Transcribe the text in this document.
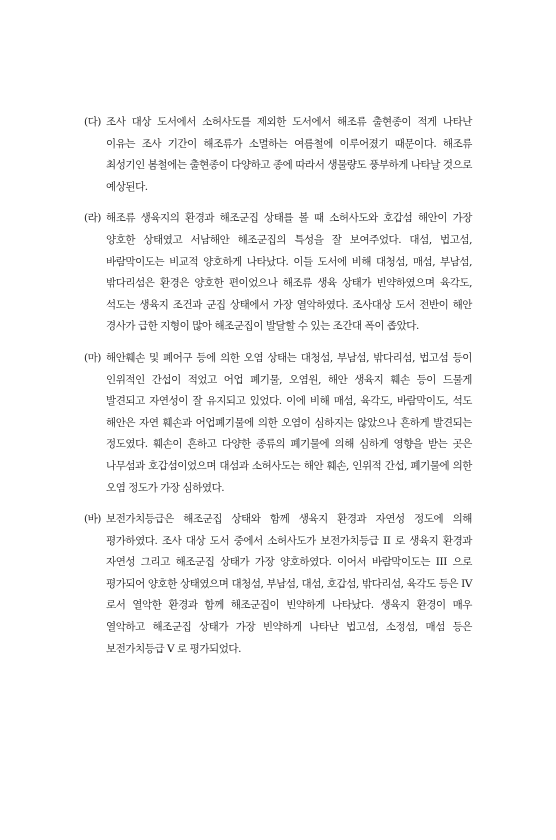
(다) 조사 대상 도서에서 소허사도를 제외한 도서에서 해조류 출현종이 적게 나타난 이유는 조사 기간이 해조류가 소멸하는 여름철에 이루어졌기 때문이다. 해조류 최성기인 봄철에는 출현종이 다양하고 종에 따라서 생물량도 풍부하게 나타날 것으로 예상된다.
(라) 해조류 생육지의 환경과 해조군집 상태를 볼 때 소허사도와 호갑섬 해안이 가장 양호한 상태였고 서남해안 해조군집의 특성을 잘 보여주었다. 대섬, 법고섬, 바람막이도는 비교적 양호하게 나타났다. 이들 도서에 비해 대청섬, 매섬, 부남섬, 밖다리섬은 환경은 양호한 편이었으나 해조류 생육 상태가 빈약하였으며 육각도, 석도는 생육지 조건과 군집 상태에서 가장 열악하였다. 조사대상 도서 전반이 해안 경사가 급한 지형이 많아 해조군집이 발달할 수 있는 조간대 폭이 좁았다.
(마) 해안훼손 및 폐어구 등에 의한 오염 상태는 대청섬, 부남섬, 밖다리섬, 법고섬 등이 인위적인 간섭이 적었고 어업 폐기물, 오염원, 해안 생육지 훼손 등이 드물게 발견되고 자연성이 잘 유지되고 있었다. 이에 비해 매섬, 육각도, 바람막이도, 석도 해안은 자연 훼손과 어업폐기물에 의한 오염이 심하지는 않았으나 흔하게 발견되는 정도였다. 훼손이 흔하고 다양한 종류의 폐기물에 의해 심하게 영향을 받는 곳은 나무섬과 호갑섬이었으며 대섬과 소허사도는 해안 훼손, 인위적 간섭, 폐기물에 의한 오염 정도가 가장 심하였다.
(바) 보전가치등급은 해조군집 상태와 함께 생육지 환경과 자연성 정도에 의해 평가하였다. 조사 대상 도서 중에서 소허사도가 보전가치등급 II 로 생육지 환경과 자연성 그리고 해조군집 상태가 가장 양호하였다. 이어서 바람막이도는 III 으로 평가되어 양호한 상태였으며 대청섬, 부남섬, 대섬, 호갑섬, 밖다리섬, 육각도 등은 IV 로서 열악한 환경과 함께 해조군집이 빈약하게 나타났다. 생육지 환경이 매우 열악하고 해조군집 상태가 가장 빈약하게 나타난 법고섬, 소정섬, 매섬 등은 보전가치등급 V 로 평가되었다.
